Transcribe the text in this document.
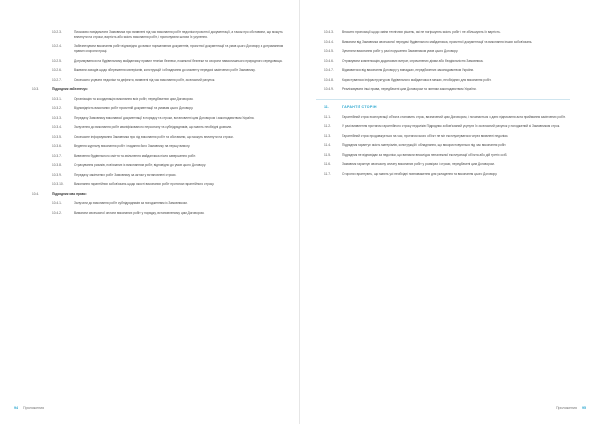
10.2.3.	Письмово повідомляти Замовника про виявлені під час виконання робіт недоліки проєктної документації, а також про обставини, що можуть вплинути на строки, вартість або якість виконання робіт, і пропонувати шляхи їх усунення.
10.2.4.	Забезпечувати виконання робіт відповідно до вимог нормативних документів, проєктної документації та умов цього Договору з дотриманням правил охорони праці.
10.2.5.	Дотримуватися на будівельному майданчику правил техніки безпеки, пожежної безпеки та охорони навколишнього природного середовища.
10.2.6.	Вживати заходів щодо збереження матеріалів, конструкцій і обладнання до моменту передачі закінчених робіт Замовнику.
10.2.7.	Своєчасно усувати недоліки та дефекти, виявлені під час виконання робіт, за власний рахунок.
10.3.	Підрядник забезпечує:
10.3.1.	Організацію та координацію виконання всіх робіт, передбачених цим Договором.
10.3.2.	Відповідність виконаних робіт проєктній документації та умовам цього Договору.
10.3.3.	Передачу Замовнику виконавчої документації в порядку та строки, встановлені цим Договором і законодавством України.
10.3.4.	Залучення до виконання робіт кваліфікованого персоналу та субпідрядників, що мають необхідні дозволи.
10.3.5.	Своєчасне інформування Замовника про хід виконання робіт та обставини, що можуть вплинути на строки.
10.3.6.	Ведення журналу виконання робіт і надання його Замовнику на першу вимогу.
10.3.7.	Вивезення будівельного сміття та звільнення майданчика після завершення робіт.
10.3.8.	Страхування ризиків, пов'язаних із виконанням робіт, відповідно до умов цього Договору.
10.3.9.	Передачу закінчених робіт Замовнику за актом у встановлені строки.
10.3.10.	Виконання гарантійних зобов'язань щодо якості виконаних робіт протягом гарантійного строку.
10.4.	Підрядник має право:
10.4.1.	Залучати до виконання робіт субпідрядників за погодженням із Замовником.
10.4.2.	Вимагати своєчасної оплати виконаних робіт у порядку, встановленому цим Договором.
94 Приложения
10.4.3.	Вносити пропозиції щодо зміни технічних рішень, які не погіршують якість робіт і не збільшують їх вартість.
10.4.4.	Вимагати від Замовника своєчасної передачі будівельного майданчика, проєктної документації та виконання інших зобов'язань.
10.4.5.	Зупиняти виконання робіт у разі порушення Замовником умов цього Договору.
10.4.6.	Отримувати компенсацію додаткових витрат, спричинених діями або бездіяльністю Замовника.
10.4.7.	Відмовитися від виконання Договору у випадках, передбачених законодавством України.
10.4.8.	Користуватися інфраструктурою будівельного майданчика в межах, необхідних для виконання робіт.
10.4.9.	Реалізовувати інші права, передбачені цим Договором та чинним законодавством України.
11.	ГАРАНТІЇ СТОРІН
11.1.	Гарантійний строк експлуатації об'єкта становить строк, визначений цим Договором, і починається з дати підписання акта приймання закінчених робіт.
11.2.	У разі виявлення протягом гарантійного строку недоліків Підрядник зобов'язаний усунути їх за власний рахунок у погоджений зі Замовником строк.
11.3.	Гарантійний строк продовжується на час, протягом якого об'єкт не міг експлуатуватися через виявлені недоліки.
11.4.	Підрядник гарантує якість матеріалів, конструкцій і обладнання, що використовуються під час виконання робіт.
11.5.	Підрядник не відповідає за недоліки, що виникли внаслідок неналежної експлуатації об'єкта або дій третіх осіб.
11.6.	Замовник гарантує своєчасну оплату виконаних робіт у розмірах і строки, передбачені цим Договором.
11.7.	Сторони гарантують, що мають усі необхідні повноваження для укладення та виконання цього Договору.
Приложения 95
